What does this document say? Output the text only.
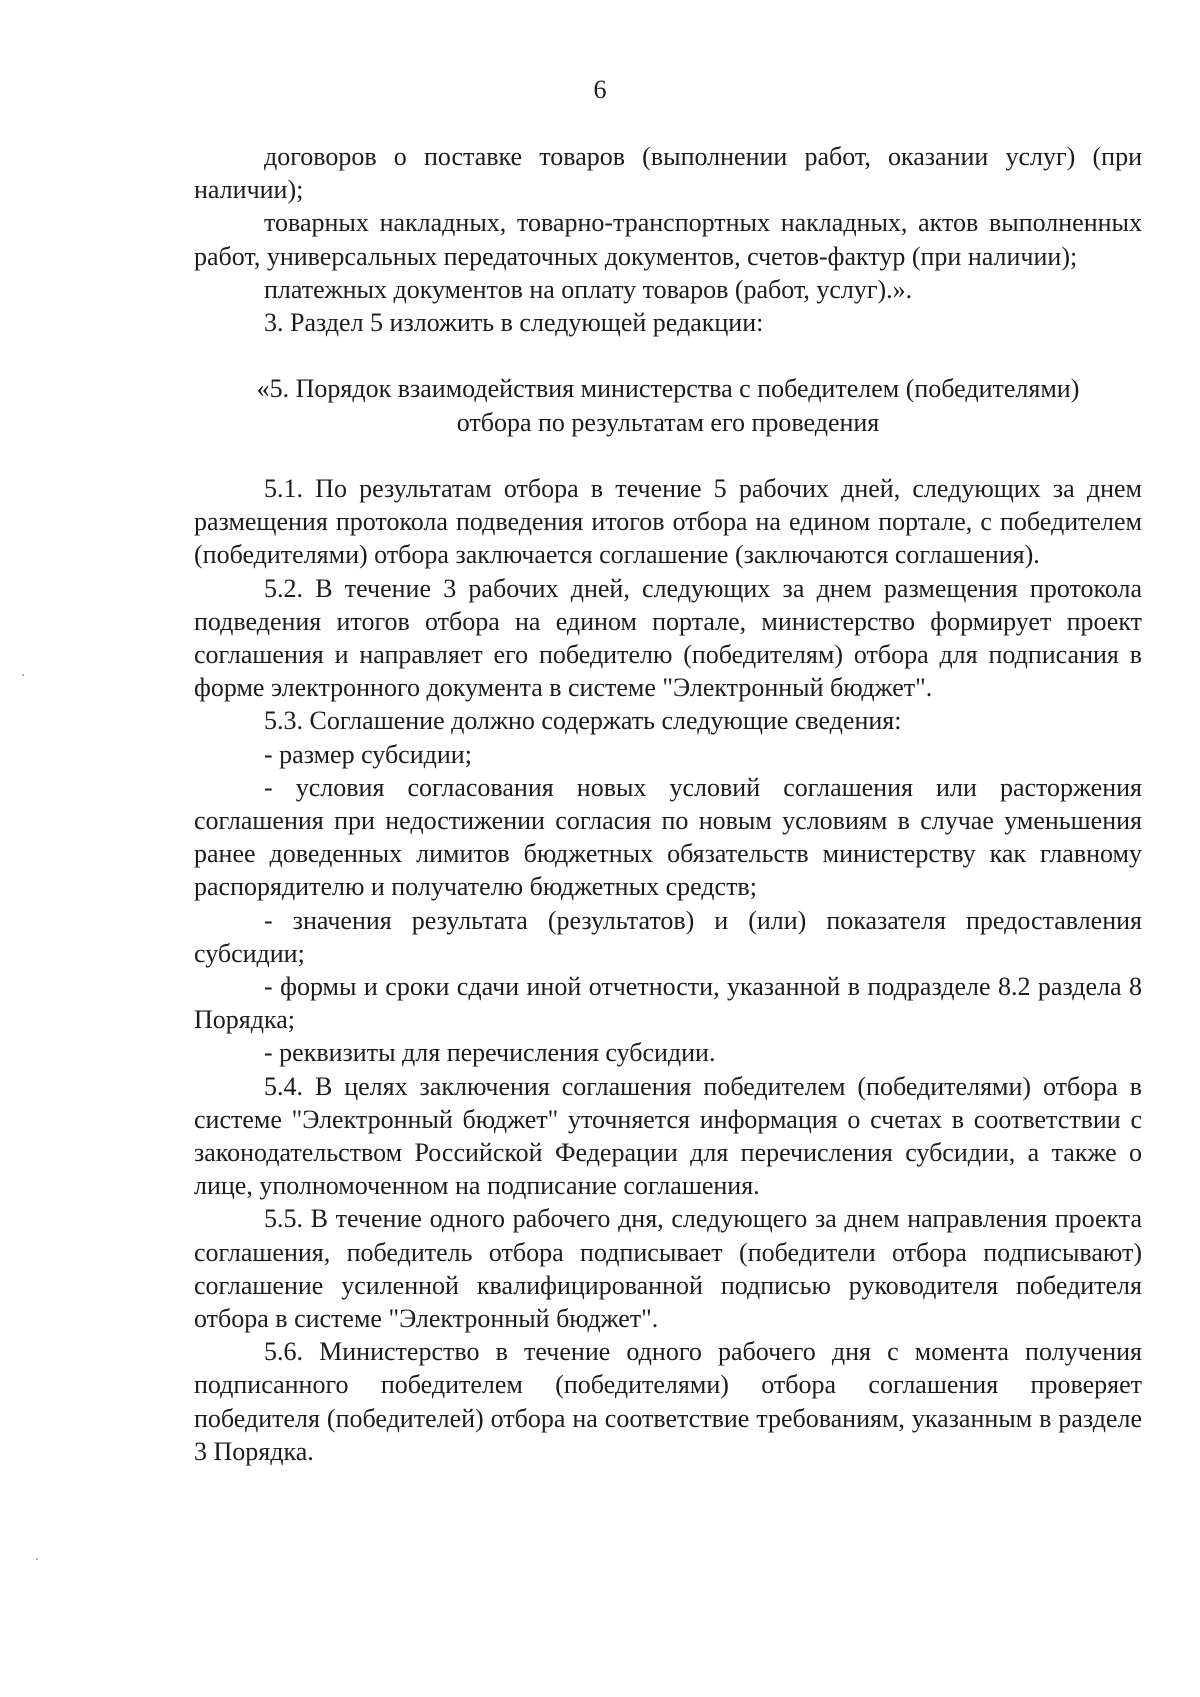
6

договоров о поставке товаров (выполнении работ, оказании услуг) (при наличии);

товарных накладных, товарно-транспортных накладных, актов выполненных работ, универсальных передаточных документов, счетов-фактур (при наличии);

платежных документов на оплату товаров (работ, услуг).».

3. Раздел 5 изложить в следующей редакции:

«5. Порядок взаимодействия министерства с победителем (победителями)

отбора по результатам его проведения

5.1. По результатам отбора в течение 5 рабочих дней, следующих за днем размещения протокола подведения итогов отбора на едином портале, с победителем (победителями) отбора заключается соглашение (заключаются соглашения).

5.2. В течение 3 рабочих дней, следующих за днем размещения протокола подведения итогов отбора на едином портале, министерство формирует проект соглашения и направляет его победителю (победителям) отбора для подписания в форме электронного документа в системе "Электронный бюджет".

5.3. Соглашение должно содержать следующие сведения:

- размер субсидии;

- условия согласования новых условий соглашения или расторжения соглашения при недостижении согласия по новым условиям в случае уменьшения ранее доведенных лимитов бюджетных обязательств министерству как главному распорядителю и получателю бюджетных средств;

- значения результата (результатов) и (или) показателя предоставления субсидии;

- формы и сроки сдачи иной отчетности, указанной в подразделе 8.2 раздела 8 Порядка;

- реквизиты для перечисления субсидии.

5.4. В целях заключения соглашения победителем (победителями) отбора в системе "Электронный бюджет" уточняется информация о счетах в соответствии с законодательством Российской Федерации для перечисления субсидии, а также о лице, уполномоченном на подписание соглашения.

5.5. В течение одного рабочего дня, следующего за днем направления проекта соглашения, победитель отбора подписывает (победители отбора подписывают) соглашение усиленной квалифицированной подписью руководителя победителя отбора в системе "Электронный бюджет".

5.6. Министерство в течение одного рабочего дня с момента получения подписанного победителем (победителями) отбора соглашения проверяет победителя (победителей) отбора на соответствие требованиям, указанным в разделе 3 Порядка.
